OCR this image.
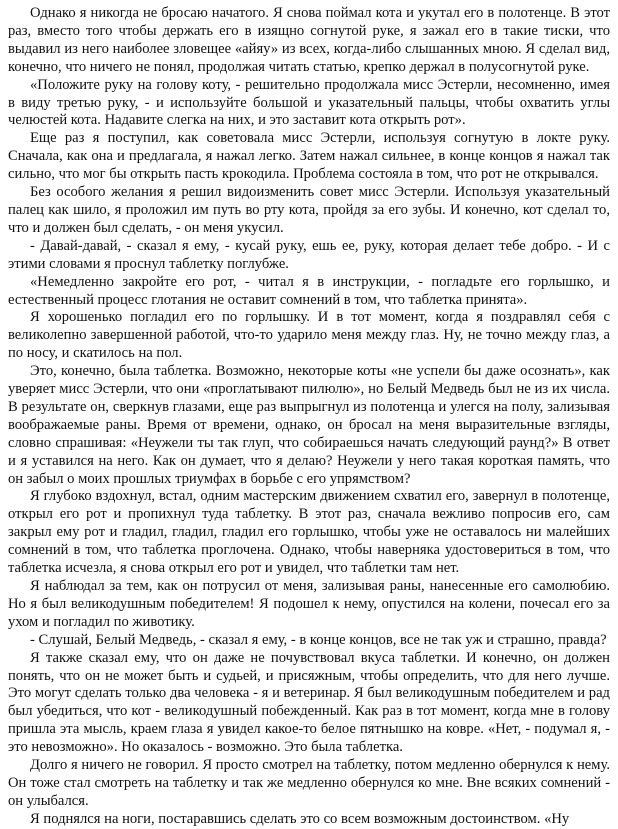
Однако я никогда не бросаю начатого. Я снова поймал кота и укутал его в полотенце. В этот раз, вместо того чтобы держать его в изящно согнутой руке, я зажал его в такие тиски, что выдавил из него наиболее зловещее «айяу» из всех, когда-либо слышанных мною. Я сделал вид, конечно, что ничего не понял, продолжая читать статью, крепко держал в полусогнутой руке.

«Положите руку на голову коту, - решительно продолжала мисс Эстерли, несомненно, имея в виду третью руку, - и используйте большой и указательный пальцы, чтобы охватить углы челюстей кота. Надавите слегка на них, и это заставит кота открыть рот».

Еще раз я поступил, как советовала мисс Эстерли, используя согнутую в локте руку. Сначала, как она и предлагала, я нажал легко. Затем нажал сильнее, в конце концов я нажал так сильно, что мог бы открыть пасть крокодила. Проблема состояла в том, что рот не открывался.

Без особого желания я решил видоизменить совет мисс Эстерли. Используя указательный палец как шило, я проложил им путь во рту кота, пройдя за его зубы. И конечно, кот сделал то, что и должен был сделать, - он меня укусил.

- Давай-давай, - сказал я ему, - кусай руку, ешь ее, руку, которая делает тебе добро. - И с этими словами я проснул таблетку поглубже.

«Немедленно закройте его рот, - читал я в инструкции, - погладьте его горлышко, и естественный процесс глотания не оставит сомнений в том, что таблетка принята».

Я хорошенько погладил его по горлышку. И в тот момент, когда я поздравлял себя с великолепно завершенной работой, что-то ударило меня между глаз. Ну, не точно между глаз, а по носу, и скатилось на пол.

Это, конечно, была таблетка. Возможно, некоторые коты «не успели бы даже осознать», как уверяет мисс Эстерли, что они «проглатывают пилюлю», но Белый Медведь был не из их числа. В результате он, сверкнув глазами, еще раз выпрыгнул из полотенца и улегся на полу, зализывая воображаемые раны. Время от времени, однако, он бросал на меня выразительные взгляды, словно спрашивая: «Неужели ты так глуп, что собираешься начать следующий раунд?» В ответ и я уставился на него. Как он думает, что я делаю? Неужели у него такая короткая память, что он забыл о моих прошлых триумфах в борьбе с его упрямством?

Я глубоко вздохнул, встал, одним мастерским движением схватил его, завернул в полотенце, открыл его рот и пропихнул туда таблетку. В этот раз, сначала вежливо попросив его, сам закрыл ему рот и гладил, гладил, гладил его горлышко, чтобы уже не оставалось ни малейших сомнений в том, что таблетка проглочена. Однако, чтобы наверняка удостовериться в том, что таблетка исчезла, я снова открыл его рот и увидел, что таблетки там нет.

Я наблюдал за тем, как он потрусил от меня, зализывая раны, нанесенные его самолюбию. Но я был великодушным победителем! Я подошел к нему, опустился на колени, почесал его за ухом и погладил по животику.

- Слушай, Белый Медведь, - сказал я ему, - в конце концов, все не так уж и страшно, правда?

Я также сказал ему, что он даже не почувствовал вкуса таблетки. И конечно, он должен понять, что он не может быть и судьей, и присяжным, чтобы определить, что для него лучше. Это могут сделать только два человека - я и ветеринар. Я был великодушным победителем и рад был убедиться, что кот - великодушный побежденный. Как раз в тот момент, когда мне в голову пришла эта мысль, краем глаза я увидел какое-то белое пятнышко на ковре. «Нет, - подумал я, - это невозможно». Но оказалось - возможно. Это была таблетка.

Долго я ничего не говорил. Я просто смотрел на таблетку, потом медленно обернулся к нему. Он тоже стал смотреть на таблетку и так же медленно обернулся ко мне. Вне всяких сомнений - он улыбался.

Я поднялся на ноги, постаравшись сделать это со всем возможным достоинством. «Ну
